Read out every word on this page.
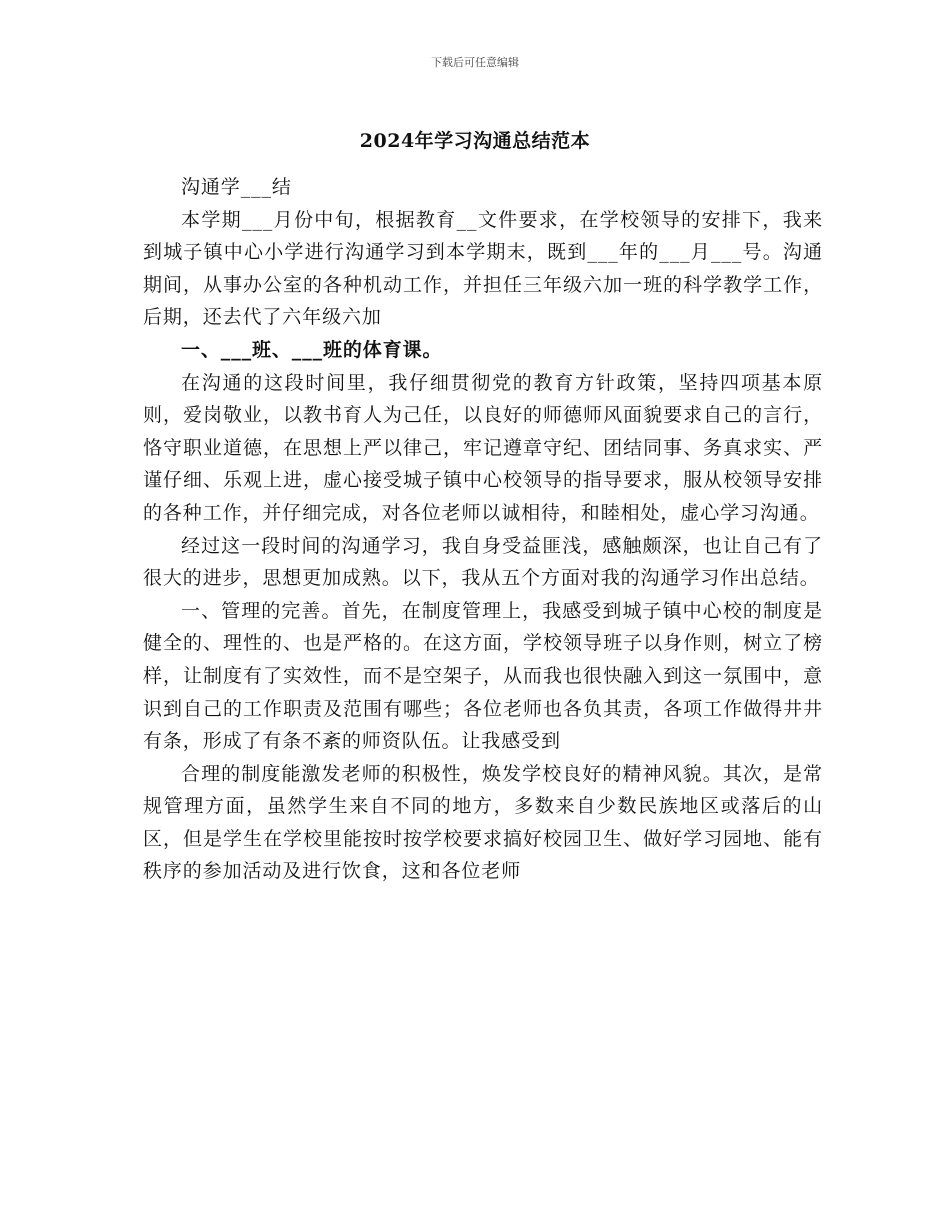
下载后可任意编辑
2024年学习沟通总结范本

沟通学___结

本学期___月份中旬，根据教育__文件要求，在学校领导的安排下，我来到城子镇中心小学进行沟通学习到本学期末，既到___年的___月___号。沟通期间，从事办公室的各种机动工作，并担任三年级六加一班的科学教学工作，后期，还去代了六年级六加

一、___班、___班的体育课。

在沟通的这段时间里，我仔细贯彻党的教育方针政策，坚持四项基本原则，爱岗敬业，以教书育人为己任，以良好的师德师风面貌要求自己的言行，恪守职业道德，在思想上严以律己，牢记遵章守纪、团结同事、务真求实、严谨仔细、乐观上进，虚心接受城子镇中心校领导的指导要求，服从校领导安排的各种工作，并仔细完成，对各位老师以诚相待，和睦相处，虚心学习沟通。

经过这一段时间的沟通学习，我自身受益匪浅，感触颇深，也让自己有了很大的进步，思想更加成熟。以下，我从五个方面对我的沟通学习作出总结。

一、管理的完善。首先，在制度管理上，我感受到城子镇中心校的制度是健全的、理性的、也是严格的。在这方面，学校领导班子以身作则，树立了榜样，让制度有了实效性，而不是空架子，从而我也很快融入到这一氛围中，意识到自己的工作职责及范围有哪些；各位老师也各负其责，各项工作做得井井有条，形成了有条不紊的师资队伍。让我感受到

合理的制度能激发老师的积极性，焕发学校良好的精神风貌。其次，是常规管理方面，虽然学生来自不同的地方，多数来自少数民族地区或落后的山区，但是学生在学校里能按时按学校要求搞好校园卫生、做好学习园地、能有秩序的参加活动及进行饮食，这和各位老师
